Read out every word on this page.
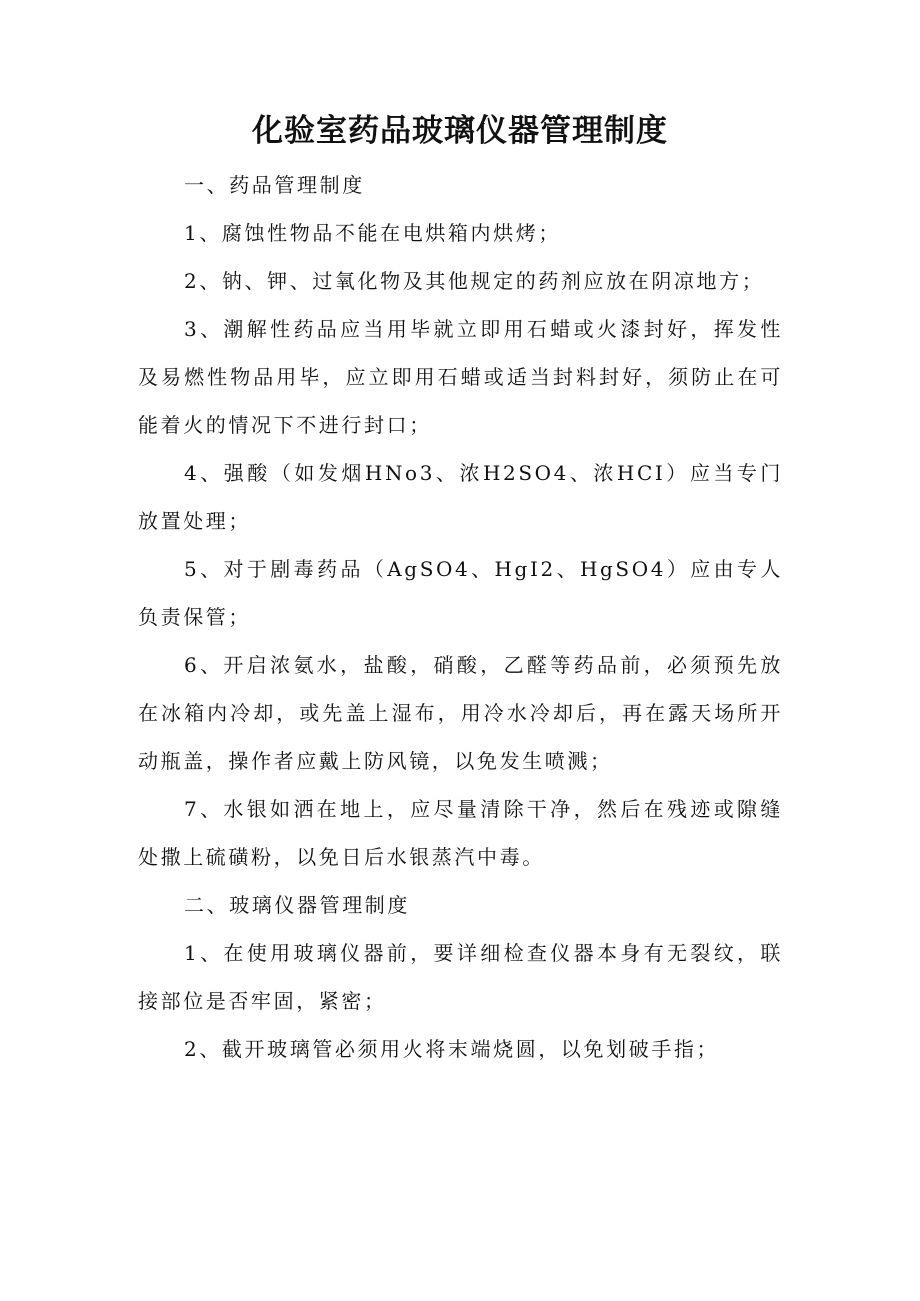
化验室药品玻璃仪器管理制度

一、药品管理制度

1、腐蚀性物品不能在电烘箱内烘烤；

2、钠、钾、过氧化物及其他规定的药剂应放在阴凉地方；

3、潮解性药品应当用毕就立即用石蜡或火漆封好，挥发性及易燃性物品用毕，应立即用石蜡或适当封料封好，须防止在可能着火的情况下不进行封口；

4、强酸（如发烟HNo3、浓H2SO4、浓HCI）应当专门放置处理；

5、对于剧毒药品（AgSO4、HgI2、HgSO4）应由专人负责保管；

6、开启浓氨水，盐酸，硝酸，乙醛等药品前，必须预先放在冰箱内冷却，或先盖上湿布，用冷水冷却后，再在露天场所开动瓶盖，操作者应戴上防风镜，以免发生喷溅；

7、水银如洒在地上，应尽量清除干净，然后在残迹或隙缝处撒上硫磺粉，以免日后水银蒸汽中毒。

二、玻璃仪器管理制度

1、在使用玻璃仪器前，要详细检查仪器本身有无裂纹，联接部位是否牢固，紧密；

2、截开玻璃管必须用火将末端烧圆，以免划破手指；
